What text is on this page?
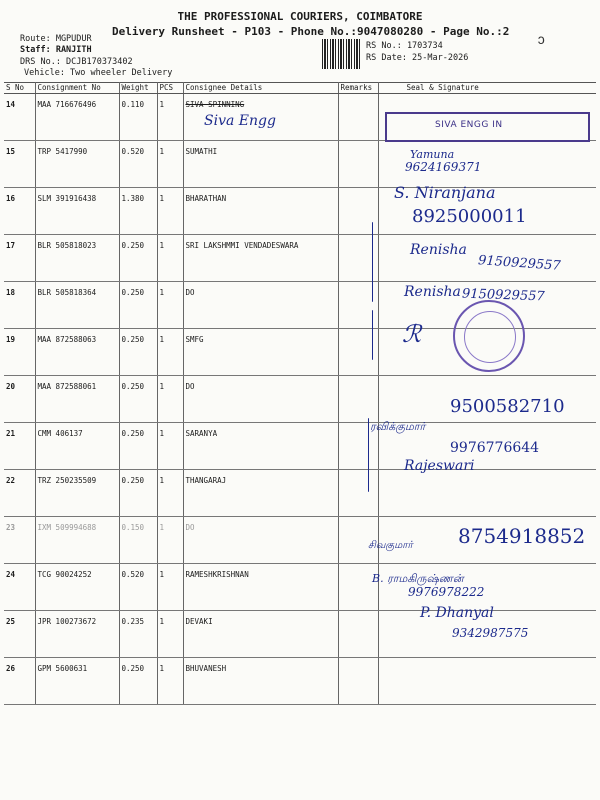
THE PROFESSIONAL COURIERS, COIMBATORE
Delivery Runsheet - P103 - Phone No.:9047080280 - Page No.:2
Route: MGPUDUR
Staff: RANJITH
DRS No.: DCJB170373402
Vehicle: Two wheeler Delivery
RS No.: 1703734
RS Date: 25-Mar-2026
ↄ
S No	Consignment No	Weight	PCS	Consignee Details	Remarks	Seal & Signature
14	MAA 716676496	0.110	1	SIVA SPINNING		
15	TRP 5417990	0.520	1	SUMATHI		
16	SLM 391916438	1.380	1	BHARATHAN		
17	BLR 505818023	0.250	1	SRI LAKSHMMI VENDADESWARA		
18	BLR 505818364	0.250	1	DO		
19	MAA 872588063	0.250	1	SMFG		
20	MAA 872588061	0.250	1	DO		
21	CMM 406137	0.250	1	SARANYA		
22	TRZ 250235509	0.250	1	THANGARAJ		
23	IXM 509994688	0.150	1	DO		
24	TCG 90024252	0.520	1	RAMESHKRISHNAN		
25	JPR 100273672	0.235	1	DEVAKI		
26	GPM 5600631	0.250	1	BHUVANESH		
SIVA ENGG IN
Siva Engg
Yamuna
9624169371
S. Niranjana
8925000011
Renisha
9150929557
Renisha 9150929557
ℛ
9500582710
ரவிக்குமார்
9976776644
Rajeswari
8754918852
சிவகுமார்
B. ராமகிருஷ்ணன்
9976978222
P. Dhanyal
9342987575
